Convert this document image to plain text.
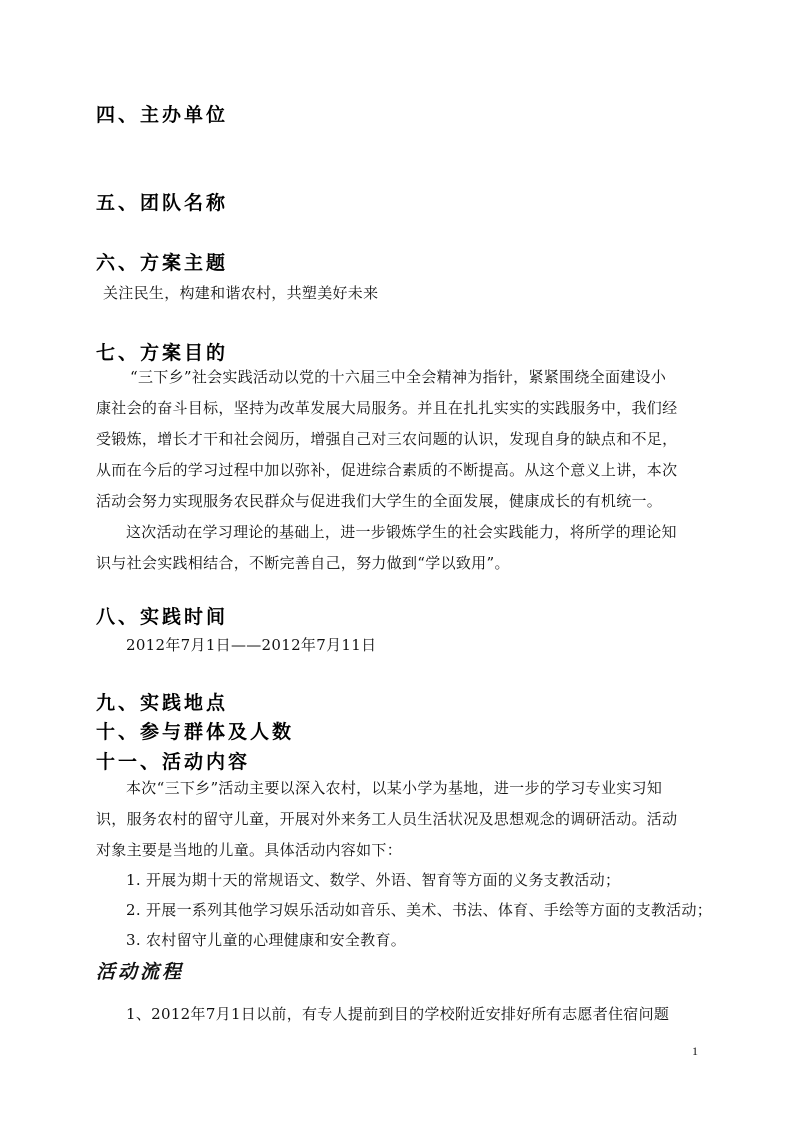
四、主办单位
五、团队名称
六、方案主题
关注民生，构建和谐农村，共塑美好未来
七、方案目的
“三下乡”社会实践活动以党的十六届三中全会精神为指针，紧紧围绕全面建设小
康社会的奋斗目标，坚持为改革发展大局服务。并且在扎扎实实的实践服务中，我们经
受锻炼，增长才干和社会阅历，增强自己对三农问题的认识，发现自身的缺点和不足，
从而在今后的学习过程中加以弥补，促进综合素质的不断提高。从这个意义上讲，本次
活动会努力实现服务农民群众与促进我们大学生的全面发展，健康成长的有机统一。
这次活动在学习理论的基础上，进一步锻炼学生的社会实践能力，将所学的理论知
识与社会实践相结合，不断完善自己，努力做到“学以致用”。
八、实践时间
2012年7月1日——2012年7月11日
九、实践地点
十、参与群体及人数
十一、活动内容
本次“三下乡”活动主要以深入农村，以某小学为基地，进一步的学习专业实习知
识，服务农村的留守儿童，开展对外来务工人员生活状况及思想观念的调研活动。活动
对象主要是当地的儿童。具体活动内容如下：
1. 开展为期十天的常规语文、数学、外语、智育等方面的义务支教活动；
2. 开展一系列其他学习娱乐活动如音乐、美术、书法、体育、手绘等方面的支教活动；
3. 农村留守儿童的心理健康和安全教育。
活动流程
1、2012年7月1日以前，有专人提前到目的学校附近安排好所有志愿者住宿问题
1
